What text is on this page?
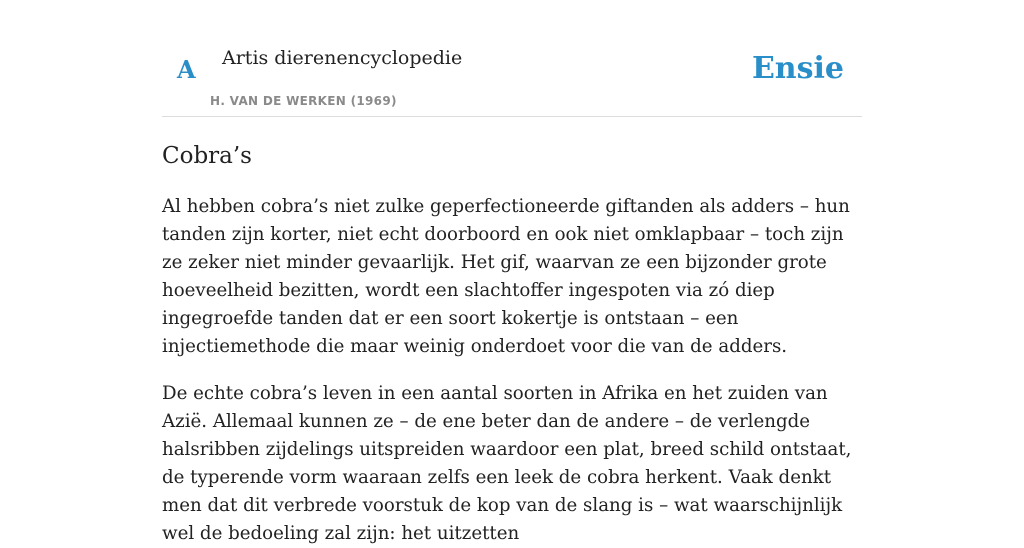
A Artis dierenencyclopedie
H. VAN DE WERKEN (1969)
Ensie
Cobra’s

Al hebben cobra’s niet zulke geperfectioneerde giftanden als adders – hun tanden zijn korter, niet echt doorboord en ook niet omklapbaar – toch zijn ze zeker niet minder gevaarlijk. Het gif, waarvan ze een bijzonder grote hoeveelheid bezitten, wordt een slachtoffer ingespoten via zó diep ingegroefde tanden dat er een soort kokertje is ontstaan – een injectiemethode die maar weinig onderdoet voor die van de adders.

De echte cobra’s leven in een aantal soorten in Afrika en het zuiden van Azië. Allemaal kunnen ze – de ene beter dan de andere – de verlengde halsribben zijdelings uitspreiden waardoor een plat, breed schild ontstaat, de typerende vorm waaraan zelfs een leek de cobra herkent. Vaak denkt men dat dit verbrede voorstuk de kop van de slang is – wat waarschijnlijk wel de bedoeling zal zijn: het uitzetten
